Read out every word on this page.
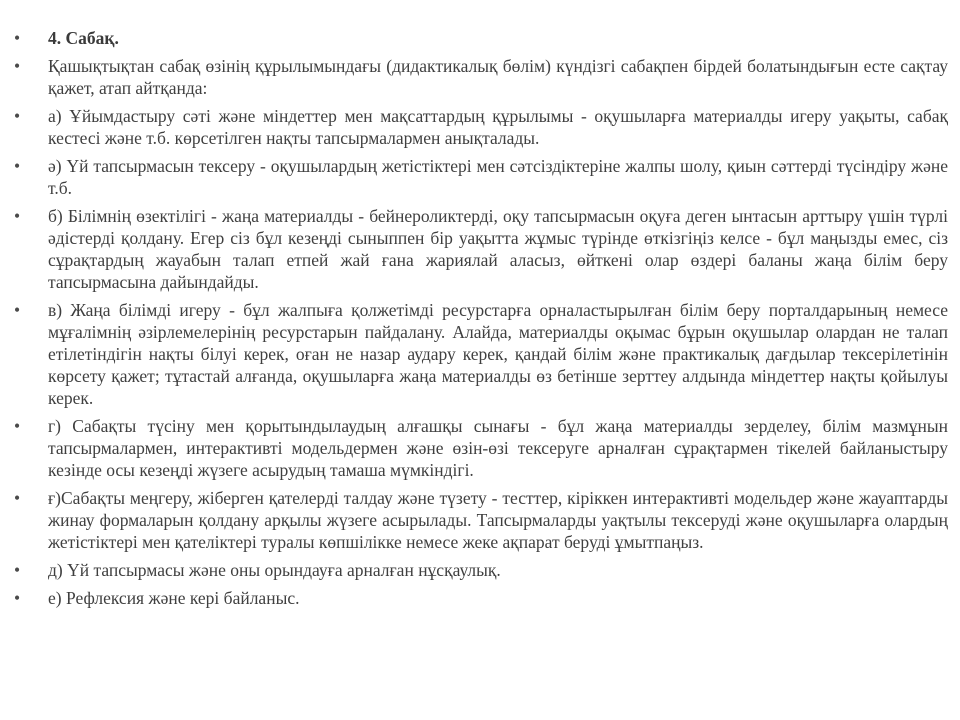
•	4. Сабақ.
•	Қашықтықтан сабақ өзінің құрылымындағы (дидактикалық бөлім) күндізгі сабақпен бірдей болатындығын есте сақтау қажет, атап айтқанда:
•	а) Ұйымдастыру сәті және міндеттер мен мақсаттардың құрылымы - оқушыларға материалды игеру уақыты, сабақ кестесі және т.б. көрсетілген нақты тапсырмалармен анықталады.
•	ә) Үй тапсырмасын тексеру - оқушылардың жетістіктері мен сәтсіздіктеріне жалпы шолу, қиын сәттерді түсіндіру және т.б.
•	б) Білімнің өзектілігі - жаңа материалды - бейнероликтерді, оқу тапсырмасын оқуға деген ынтасын арттыру үшін түрлі әдістерді қолдану. Егер сіз бұл кезеңді сыныппен бір уақытта жұмыс түрінде өткізгіңіз келсе - бұл маңызды емес, сіз сұрақтардың жауабын талап етпей жай ғана жариялай аласыз, өйткені олар өздері баланы жаңа білім беру тапсырмасына дайындайды.
•	в) Жаңа білімді игеру - бұл жалпыға қолжетімді ресурстарға орналастырылған білім беру порталдарының немесе мұғалімнің әзірлемелерінің ресурстарын пайдалану. Алайда, материалды оқымас бұрын оқушылар олардан не талап етілетіндігін нақты білуі керек, оған не назар аудару керек, қандай білім және практикалық дағдылар тексерілетінін көрсету қажет; тұтастай алғанда, оқушыларға жаңа материалды өз бетінше зерттеу алдында міндеттер нақты қойылуы керек.
•	г) Сабақты түсіну мен қорытындылаудың алғашқы сынағы - бұл жаңа материалды зерделеу, білім мазмұнын тапсырмалармен, интерактивті модельдермен және өзін-өзі тексеруге арналған сұрақтармен тікелей байланыстыру кезінде осы кезеңді жүзеге асырудың тамаша мүмкіндігі.
•	ғ)Сабақты меңгеру, жіберген қателерді талдау және түзету - тесттер, кіріккен интерактивті модельдер және жауаптарды жинау формаларын қолдану арқылы жүзеге асырылады. Тапсырмаларды уақтылы тексеруді және оқушыларға олардың жетістіктері мен қателіктері туралы көпшілікке немесе жеке ақпарат беруді ұмытпаңыз.
•	д) Үй тапсырмасы және оны орындауға арналған нұсқаулық.
•	е) Рефлексия және кері байланыс.
